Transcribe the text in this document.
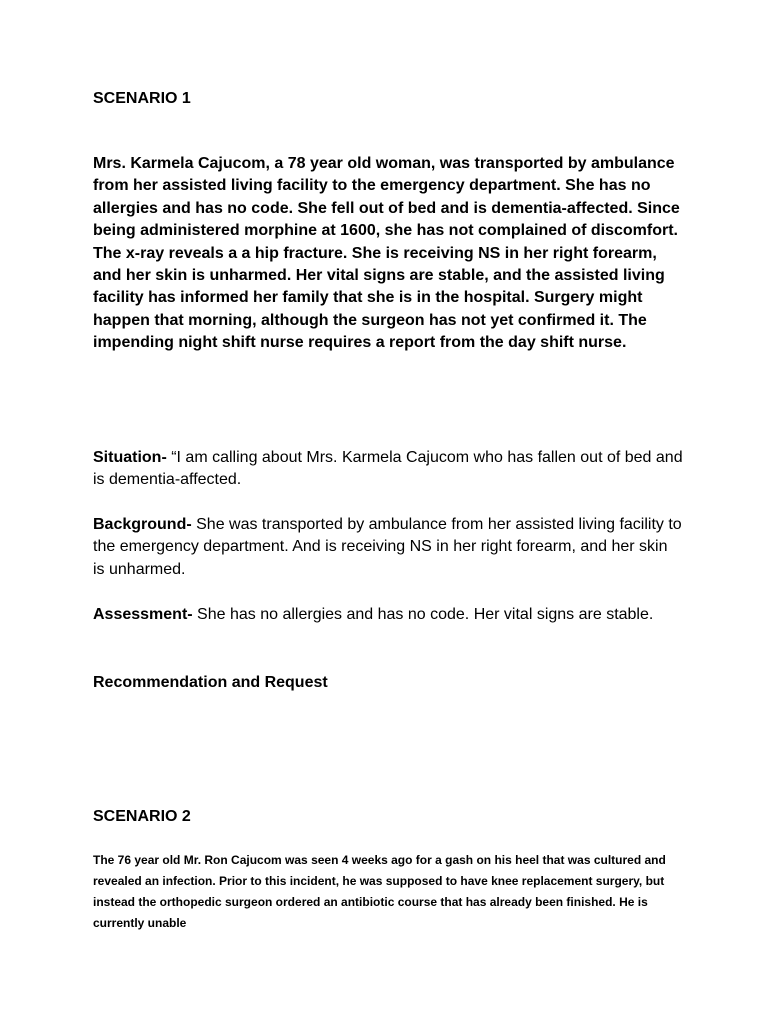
SCENARIO 1

Mrs. Karmela Cajucom, a 78 year old woman, was transported by ambulance from her assisted living facility to the emergency department. She has no allergies and has no code. She fell out of bed and is dementia-affected. Since being administered morphine at 1600, she has not complained of discomfort. The x-ray reveals a a hip fracture. She is receiving NS in her right forearm, and her skin is unharmed. Her vital signs are stable, and the assisted living facility has informed her family that she is in the hospital. Surgery might happen that morning, although the surgeon has not yet confirmed it. The impending night shift nurse requires a report from the day shift nurse.

Situation- “I am calling about Mrs. Karmela Cajucom who has fallen out of bed and is dementia-affected.

Background- She was transported by ambulance from her assisted living facility to the emergency department. And is receiving NS in her right forearm, and her skin is unharmed.

Assessment- She has no allergies and has no code. Her vital signs are stable.

Recommendation and Request
SCENARIO 2

The 76 year old Mr. Ron Cajucom was seen 4 weeks ago for a gash on his heel that was cultured and revealed an infection. Prior to this incident, he was supposed to have knee replacement surgery, but instead the orthopedic surgeon ordered an antibiotic course that has already been finished. He is currently unable
